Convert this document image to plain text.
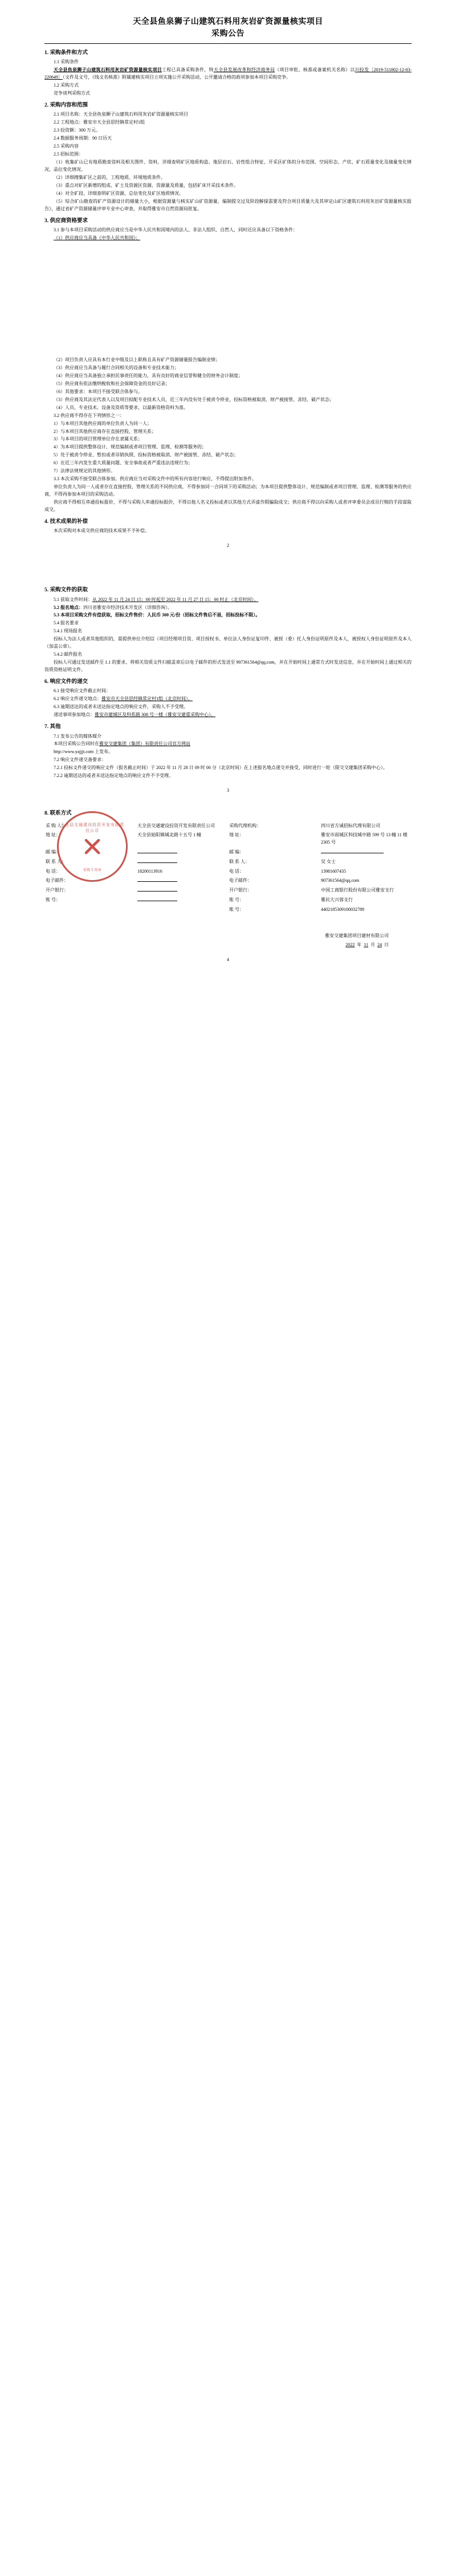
天全县鱼泉狮子山建筑石料用灰岩矿资源量核实项目
采购公告
1. 采购条件和方式

1.1 采购条件

天全县鱼泉狮子山建筑石料用灰岩矿资源量核实项目工程已具备采购条件，特天全县发展改革和经济商务局（项目审批、核准或备案机关名称）以川投发〔2019-511802-12-03-220649〕（文件及文号，《线文名核准》附属建核实项目立项实施公开采购活动，公开邀请合格的政项参加本项目采购竞争。

1.2 采购方式

竞争谈判采购方式

2. 采购内容和范围

2.1 项目名称：天全县鱼泉狮子山建筑石料用灰岩矿资源量核实项目

2.2 工程地点：雅安市天全县思经镇常定村1组

2.3 投资额：300 万元。

2.4 数据服务周期：90 日历天

2.5 采购内容

2.5 招标范围：

（1）收集矿山已有地质勘查资料及相关图件、资料，详细查明矿区地质构造、地层岩石、岩性组合特征、开采区矿体的分布范围、空间形态、产状、矿石质量变化及储量变化情况，品位变化情况。

（2）详细搜集矿区之前的，工程地质、环境地质条件。

（3）重点对矿区新增的组成、矿土及资源区资源、资源量及质量，包括矿床开采技术条件。

（4）对全矿段、详细查明矿区资源、总估变化及矿区地质情况。

（5）综合矿山勘查的矿产资源设计的储量大小，根据资源量与核实矿山矿资源量、编制提交过及阶段解探需要及符合项目质量大及其审定山矿区建筑石料用灰岩矿资源量核实报告》，通过省矿产资源储量评审专业中心审查，并取得雅安市自然资源局批复。

3. 供应商资格要求

3.1 参与本项目采购活动的供应商应当是中华人民共和国境内的法人、非法人组织、自然人，同时还应具备以下资格条件：

（1）供应商应当具备《中华人民共和国》；

（2）项目负责人应具有本行业中级及以上职称且具有矿产资源储量报告编制业绩；

（3）供应商应当具备与履行合同相关的设备和专业技术能力；

（4）供应商应当具备独立承担民事责任的能力，具有良好的商业信誉和健全的财务会计制度；

（5）供应商有依法缴纳税收和社会保障资金的良好记录；

（6）其他要求：本项目不接受联合体参与。

（3）供应商及其法定代表人以及项目拟配专业技术人员，近三年内没有处于被责令停业，投标资格被取消，财产被接管、冻结、破产状态；

（4）人员、专业技术、设备及资质等要求，以最新资格资料为准。

3.2 供应商不得存在下列情形之一：

1）与本项目其他供应商的单位负责人为同一人；

2）与本项目其他供应商存在直接控股、管理关系；

3）与本项目的项目管理单位存在隶属关系；

4）为本项目提供整体设计、规范编制或者项目管理、监理、检测等服务的；

5）处于被责令停业、暂扣或者吊销执照、投标资格被取消、财产被接管、冻结、破产状态；

6）在近三年内发生重大质量问题、安全事故或者严重违法违规行为；

7）法律法规规定的其他情形。

3.3 本次采购不接受联合体参加。供应商应当对采购文件中的所有内容进行响应，不得提出附加条件。

单位负责人为同一人或者存在直接控股、管理关系的不同供应商，不得参加同一合同项下的采购活动；为本项目提供整体设计、规范编制或者项目管理、监理、检测等服务的供应商，不得再参加本项目的采购活动。

供应商不得相互串通投标报价，不得与采购人串通投标报价，不得以他人名义投标或者以其他方式弄虚作假骗取成交；供应商不得以向采购人或者评审委员会成员行贿的手段谋取成交。

4. 技术成果的补偿

本次采购对本成交供应商的技术成果不予补偿。

2
5. 采购文件的获取

5.1 获取文件时间：从 2022 年 11 月 24 日 15：00 时起至 2022 年 11 月 27 日 15：00 时止（北京时间）。

5.2 报名地点：四川省雅安市经济技术开发区（详细咨询）。

5.3 本项目采购文件有偿获取，招标文件售价：人民币 300 元/份（招标文件售后不退，招标投标不限）。

5.4 报名要求

5.4.1 现场报名

投标人为法人或者其他组织的，需提供单位介绍信（项目经理项目资、项目授权书、单位法人身份证复印件、被授（委）托人身份证明原件及本人，被授权人身份证明原件及本人（加盖公章）。

5.4.2 邮件报名

投标人可通过发送邮件至 1.1 的要求，将相关资质文件扫描盖章后以电子邮件的形式发送至 907361564@qq.com，并在开始时间上通常方式时发送信息，并在开始时间上通过相关的资质资格证明文件。

6. 响应文件的递交

6.1 接受响应文件截止时间：

6.2 响应文件递交地点：雅安市天全县思经镇常定村1组（北京时间）。

6.3 逾期送达的或者未送达指定地点的响应文件，采购人不予受理。

递送事项参加地点：雅安市建城区及科系路 308 号一楼（雅安交建重采购中心）。

7. 其他

7.1 发布公告的媒体媒介

本项目采购公告同时在雅安交建集团（集团）有限责任公司官方网站

http://www.yajjjt.com 上发布。

7.2 响应文件递交备要求：

7.2.1 投标文件递交的响应文件（报名截止时间）于 2022 年 11 月 28 日 09 时 00 分（北京时间）在上述报名地点递交并接受，同时进行一轮（限交交建集团采购中心）。

7.2.2 逾期送达的或者未送达指定地点的响应文件不予受理。

3
8. 联系方式
天全县交通建设投资开发有限责任公司
采购专用章
采 购 人：	天全县交通建设投资开发有限责任公司	采购代理机构：	四川省方诚招标代理有限公司
地 址：	天全县始阳镇城北路十五号 1 幢	地 址：	雅安市雨城区科技城中路 599 号 13 幢 11 楼 2305 号
邮 编：		邮 编：	
联 系 人：		联 系 人：	吴 女士
电 话：	18200113916	电 话：	13981607435
电子邮件：		电子邮件：	907361564@qq.com
开户银行：		开户银行：	中国工商银行股份有限公司雅安支行
账 号：		账 号：	雅民大兴蓉支行
		账 号：	4402185309100032789
雅安交建集团项目建材有限公司
2022 年 11 月 24 日
4
